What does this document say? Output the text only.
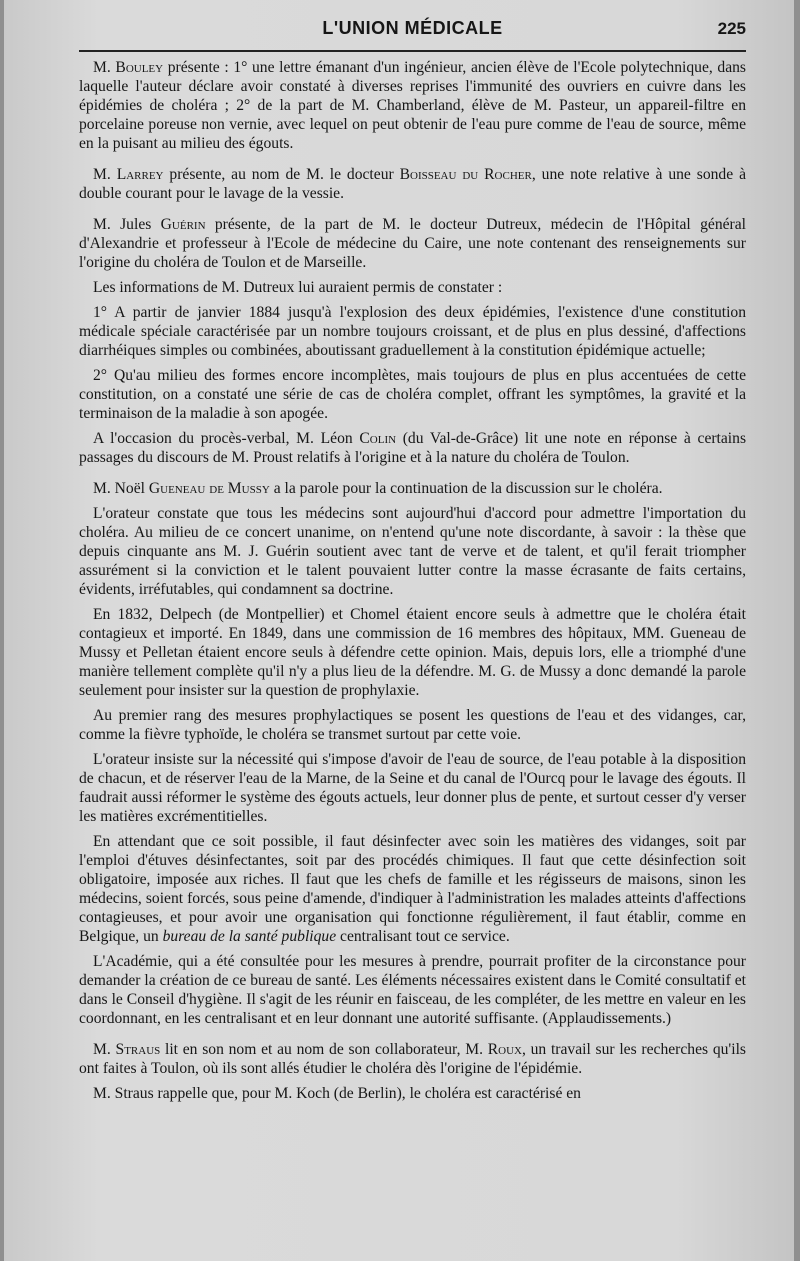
L'UNION MÉDICALE	225

M. Bouley présente : 1° une lettre émanant d'un ingénieur, ancien élève de l'Ecole polytechnique, dans laquelle l'auteur déclare avoir constaté à diverses reprises l'immunité des ouvriers en cuivre dans les épidémies de choléra ; 2° de la part de M. Chamberland, élève de M. Pasteur, un appareil-filtre en porcelaine poreuse non vernie, avec lequel on peut obtenir de l'eau pure comme de l'eau de source, même en la puisant au milieu des égouts.

M. Larrey présente, au nom de M. le docteur Boisseau du Rocher, une note relative à une sonde à double courant pour le lavage de la vessie.

M. Jules Guérin présente, de la part de M. le docteur Dutreux, médecin de l'Hôpital général d'Alexandrie et professeur à l'Ecole de médecine du Caire, une note contenant des renseignements sur l'origine du choléra de Toulon et de Marseille.

Les informations de M. Dutreux lui auraient permis de constater :

1° A partir de janvier 1884 jusqu'à l'explosion des deux épidémies, l'existence d'une constitution médicale spéciale caractérisée par un nombre toujours croissant, et de plus en plus dessiné, d'affections diarrhéiques simples ou combinées, aboutissant graduellement à la constitution épidémique actuelle;

2° Qu'au milieu des formes encore incomplètes, mais toujours de plus en plus accentuées de cette constitution, on a constaté une série de cas de choléra complet, offrant les symptômes, la gravité et la terminaison de la maladie à son apogée.

A l'occasion du procès-verbal, M. Léon Colin (du Val-de-Grâce) lit une note en réponse à certains passages du discours de M. Proust relatifs à l'origine et à la nature du choléra de Toulon.

M. Noël Gueneau de Mussy a la parole pour la continuation de la discussion sur le choléra.

L'orateur constate que tous les médecins sont aujourd'hui d'accord pour admettre l'importation du choléra. Au milieu de ce concert unanime, on n'entend qu'une note discordante, à savoir : la thèse que depuis cinquante ans M. J. Guérin soutient avec tant de verve et de talent, et qu'il ferait triompher assurément si la conviction et le talent pouvaient lutter contre la masse écrasante de faits certains, évidents, irréfutables, qui condamnent sa doctrine.

En 1832, Delpech (de Montpellier) et Chomel étaient encore seuls à admettre que le choléra était contagieux et importé. En 1849, dans une commission de 16 membres des hôpitaux, MM. Gueneau de Mussy et Pelletan étaient encore seuls à défendre cette opinion. Mais, depuis lors, elle a triomphé d'une manière tellement complète qu'il n'y a plus lieu de la défendre. M. G. de Mussy a donc demandé la parole seulement pour insister sur la question de prophylaxie.

Au premier rang des mesures prophylactiques se posent les questions de l'eau et des vidanges, car, comme la fièvre typhoïde, le choléra se transmet surtout par cette voie.

L'orateur insiste sur la nécessité qui s'impose d'avoir de l'eau de source, de l'eau potable à la disposition de chacun, et de réserver l'eau de la Marne, de la Seine et du canal de l'Ourcq pour le lavage des égouts. Il faudrait aussi réformer le système des égouts actuels, leur donner plus de pente, et surtout cesser d'y verser les matières excrémentitielles.

En attendant que ce soit possible, il faut désinfecter avec soin les matières des vidanges, soit par l'emploi d'étuves désinfectantes, soit par des procédés chimiques. Il faut que cette désinfection soit obligatoire, imposée aux riches. Il faut que les chefs de famille et les régisseurs de maisons, sinon les médecins, soient forcés, sous peine d'amende, d'indiquer à l'administration les malades atteints d'affections contagieuses, et pour avoir une organisation qui fonctionne régulièrement, il faut établir, comme en Belgique, un bureau de la santé publique centralisant tout ce service.

L'Académie, qui a été consultée pour les mesures à prendre, pourrait profiter de la circonstance pour demander la création de ce bureau de santé. Les éléments nécessaires existent dans le Comité consultatif et dans le Conseil d'hygiène. Il s'agit de les réunir en faisceau, de les compléter, de les mettre en valeur en les coordonnant, en les centralisant et en leur donnant une autorité suffisante. (Applaudissements.)

M. Straus lit en son nom et au nom de son collaborateur, M. Roux, un travail sur les recherches qu'ils ont faites à Toulon, où ils sont allés étudier le choléra dès l'origine de l'épidémie.

M. Straus rappelle que, pour M. Koch (de Berlin), le choléra est caractérisé en
